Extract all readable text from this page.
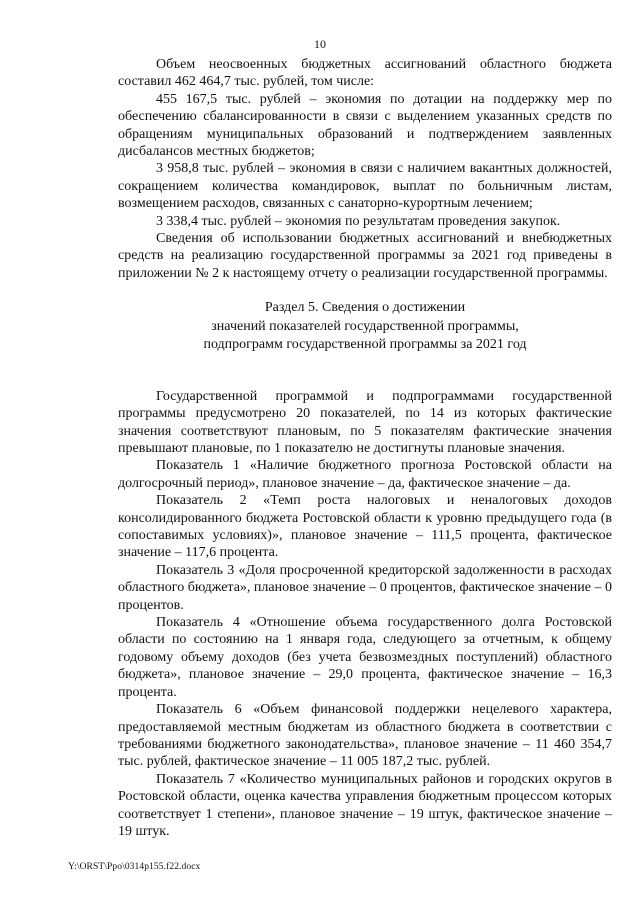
10

Объем неосвоенных бюджетных ассигнований областного бюджета составил 462 464,7 тыс. рублей, том числе:

455 167,5 тыс. рублей – экономия по дотации на поддержку мер по обеспечению сбалансированности в связи с выделением указанных средств по обращениям муниципальных образований и подтверждением заявленных дисбалансов местных бюджетов;

3 958,8 тыс. рублей – экономия в связи с наличием вакантных должностей, сокращением количества командировок, выплат по больничным листам, возмещением расходов, связанных с санаторно-курортным лечением;

3 338,4 тыс. рублей – экономия по результатам проведения закупок.

Сведения об использовании бюджетных ассигнований и внебюджетных средств на реализацию государственной программы за 2021 год приведены в приложении № 2 к настоящему отчету о реализации государственной программы.

Раздел 5. Сведения о достижении
значений показателей государственной программы,
подпрограмм государственной программы за 2021 год

Государственной программой и подпрограммами государственной программы предусмотрено 20 показателей, по 14 из которых фактические значения соответствуют плановым, по 5 показателям фактические значения превышают плановые, по 1 показателю не достигнуты плановые значения.

Показатель 1 «Наличие бюджетного прогноза Ростовской области на долгосрочный период», плановое значение – да, фактическое значение – да.

Показатель 2 «Темп роста налоговых и неналоговых доходов консолидированного бюджета Ростовской области к уровню предыдущего года (в сопоставимых условиях)», плановое значение – 111,5 процента, фактическое значение – 117,6 процента.

Показатель 3 «Доля просроченной кредиторской задолженности в расходах областного бюджета», плановое значение – 0 процентов, фактическое значение – 0 процентов.

Показатель 4 «Отношение объема государственного долга Ростовской области по состоянию на 1 января года, следующего за отчетным, к общему годовому объему доходов (без учета безвозмездных поступлений) областного бюджета», плановое значение – 29,0 процента, фактическое значение – 16,3 процента.

Показатель 6 «Объем финансовой поддержки нецелевого характера, предоставляемой местным бюджетам из областного бюджета в соответствии с требованиями бюджетного законодательства», плановое значение – 11 460 354,7 тыс. рублей, фактическое значение – 11 005 187,2 тыс. рублей.

Показатель 7 «Количество муниципальных районов и городских округов в Ростовской области, оценка качества управления бюджетным процессом которых соответствует 1 степени», плановое значение – 19 штук, фактическое значение – 19 штук.

Y:\ORST\Ppo\0314p155.f22.docx
